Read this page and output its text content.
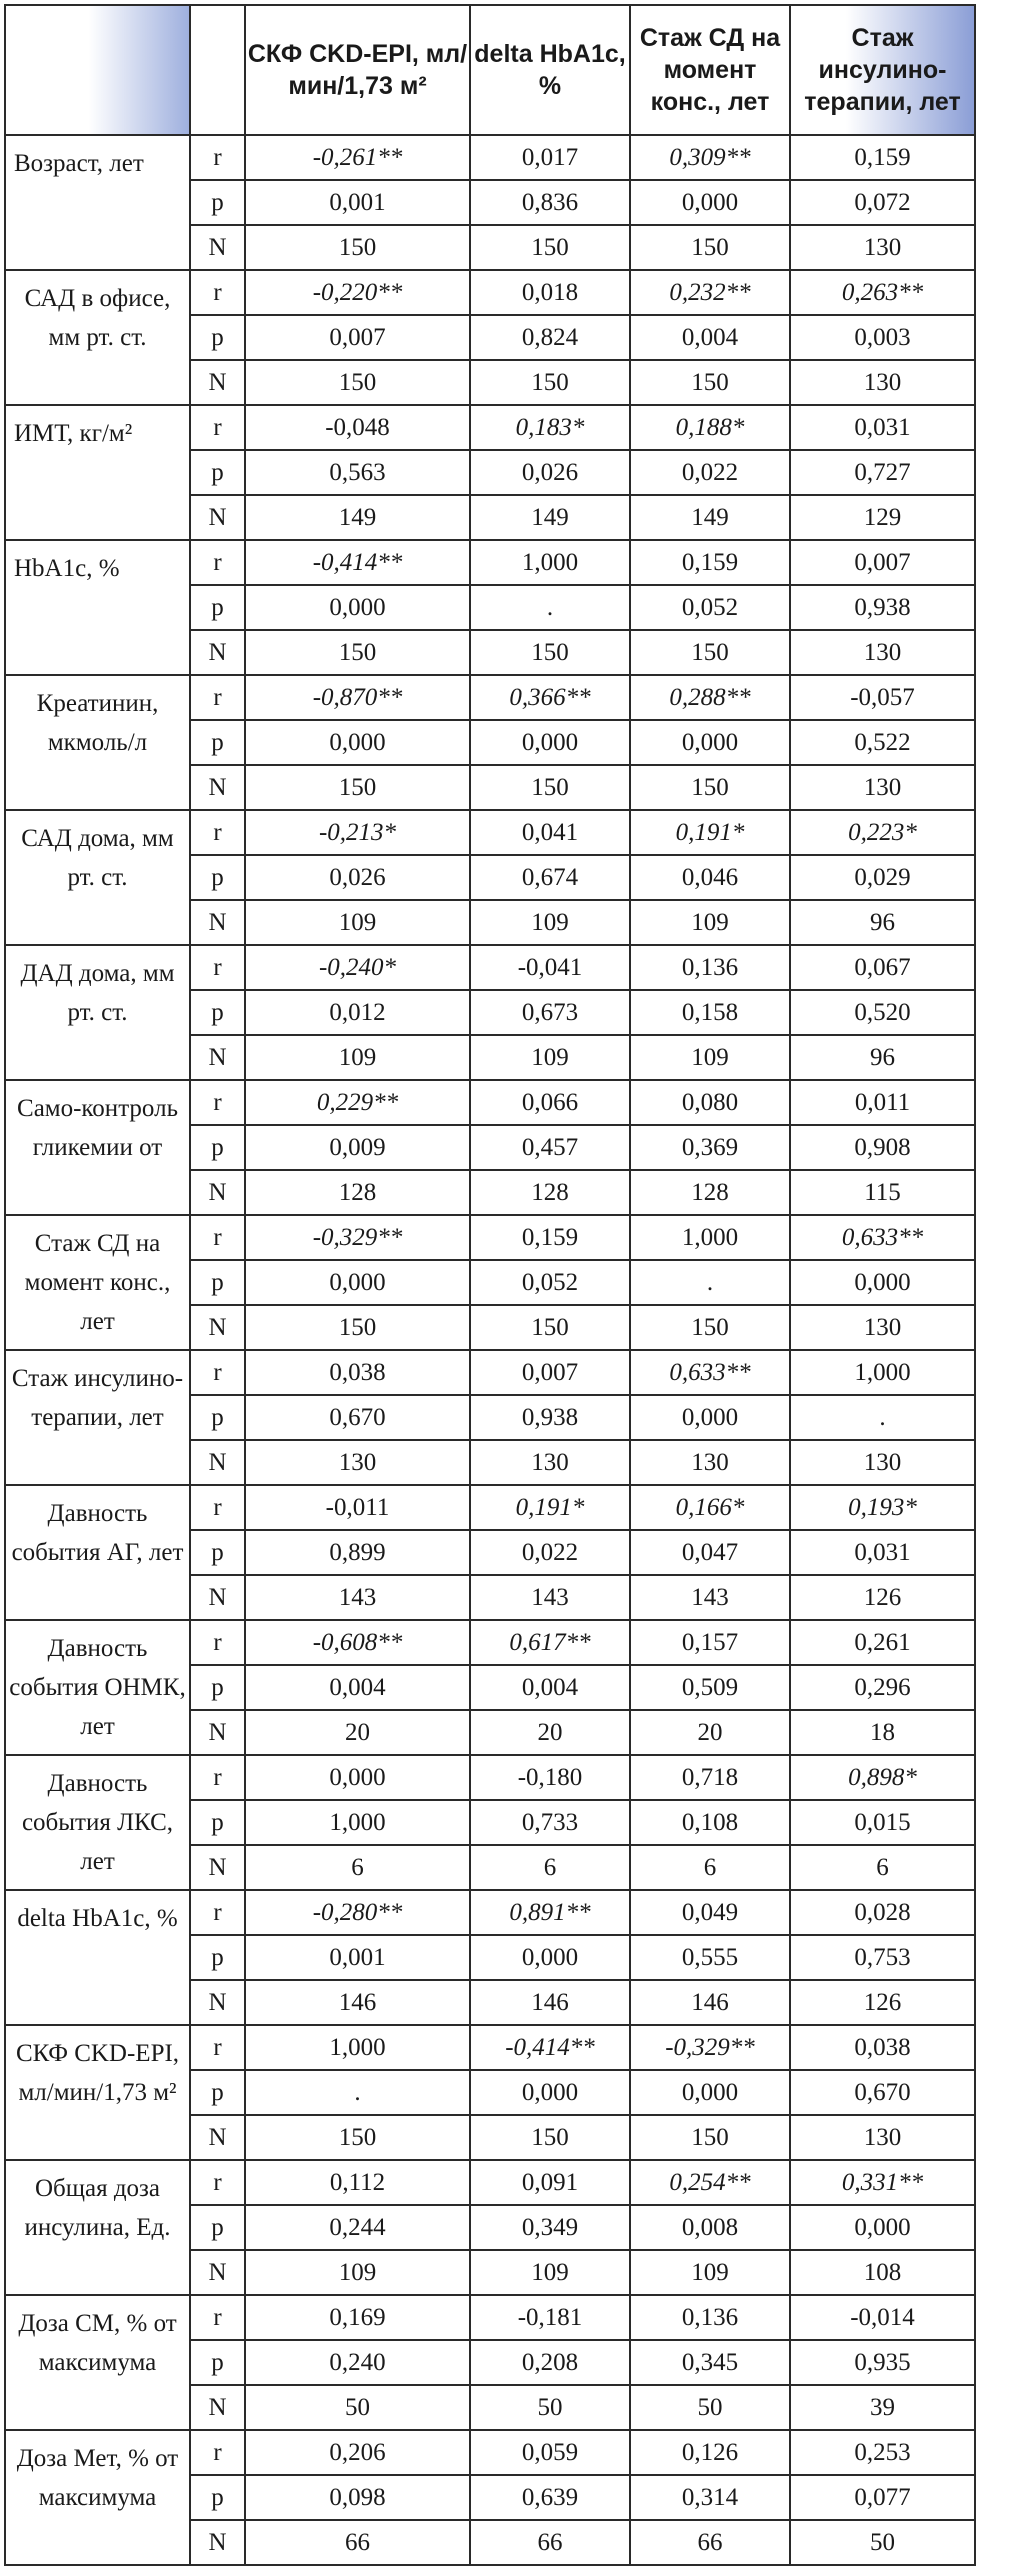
		СКФ CKD-EPI, мл/мин/1,73 м²	delta HbA1c, %	Стаж СД на момент конс., лет	Стаж инсулино-терапии, лет
Возраст, лет	r	-0,261**	0,017	0,309**	0,159
	p	0,001	0,836	0,000	0,072
	N	150	150	150	130
САД в офисе, мм рт. ст.	r	-0,220**	0,018	0,232**	0,263**
	p	0,007	0,824	0,004	0,003
	N	150	150	150	130
ИМТ, кг/м²	r	-0,048	0,183*	0,188*	0,031
	p	0,563	0,026	0,022	0,727
	N	149	149	149	129
HbA1c, %	r	-0,414**	1,000	0,159	0,007
	p	0,000	.	0,052	0,938
	N	150	150	150	130
Креатинин, мкмоль/л	r	-0,870**	0,366**	0,288**	-0,057
	p	0,000	0,000	0,000	0,522
	N	150	150	150	130
САД дома, мм рт. ст.	r	-0,213*	0,041	0,191*	0,223*
	p	0,026	0,674	0,046	0,029
	N	109	109	109	96
ДАД дома, мм рт. ст.	r	-0,240*	-0,041	0,136	0,067
	p	0,012	0,673	0,158	0,520
	N	109	109	109	96
Само-контроль гликемии от	r	0,229**	0,066	0,080	0,011
	p	0,009	0,457	0,369	0,908
	N	128	128	128	115
Стаж СД на момент конс., лет	r	-0,329**	0,159	1,000	0,633**
	p	0,000	0,052	.	0,000
	N	150	150	150	130
Стаж инсулино-терапии, лет	r	0,038	0,007	0,633**	1,000
	p	0,670	0,938	0,000	.
	N	130	130	130	130
Давность события АГ, лет	r	-0,011	0,191*	0,166*	0,193*
	p	0,899	0,022	0,047	0,031
	N	143	143	143	126
Давность события ОНМК, лет	r	-0,608**	0,617**	0,157	0,261
	p	0,004	0,004	0,509	0,296
	N	20	20	20	18
Давность события ЛКС, лет	r	0,000	-0,180	0,718	0,898*
	p	1,000	0,733	0,108	0,015
	N	6	6	6	6
delta HbA1c, %	r	-0,280**	0,891**	0,049	0,028
	p	0,001	0,000	0,555	0,753
	N	146	146	146	126
СКФ CKD-EPI, мл/мин/1,73 м²	r	1,000	-0,414**	-0,329**	0,038
	p	.	0,000	0,000	0,670
	N	150	150	150	130
Общая доза инсулина, Ед.	r	0,112	0,091	0,254**	0,331**
	p	0,244	0,349	0,008	0,000
	N	109	109	109	108
Доза СМ, % от максимума	r	0,169	-0,181	0,136	-0,014
	p	0,240	0,208	0,345	0,935
	N	50	50	50	39
Доза Мет, % от максимума	r	0,206	0,059	0,126	0,253
	p	0,098	0,639	0,314	0,077
	N	66	66	66	50
